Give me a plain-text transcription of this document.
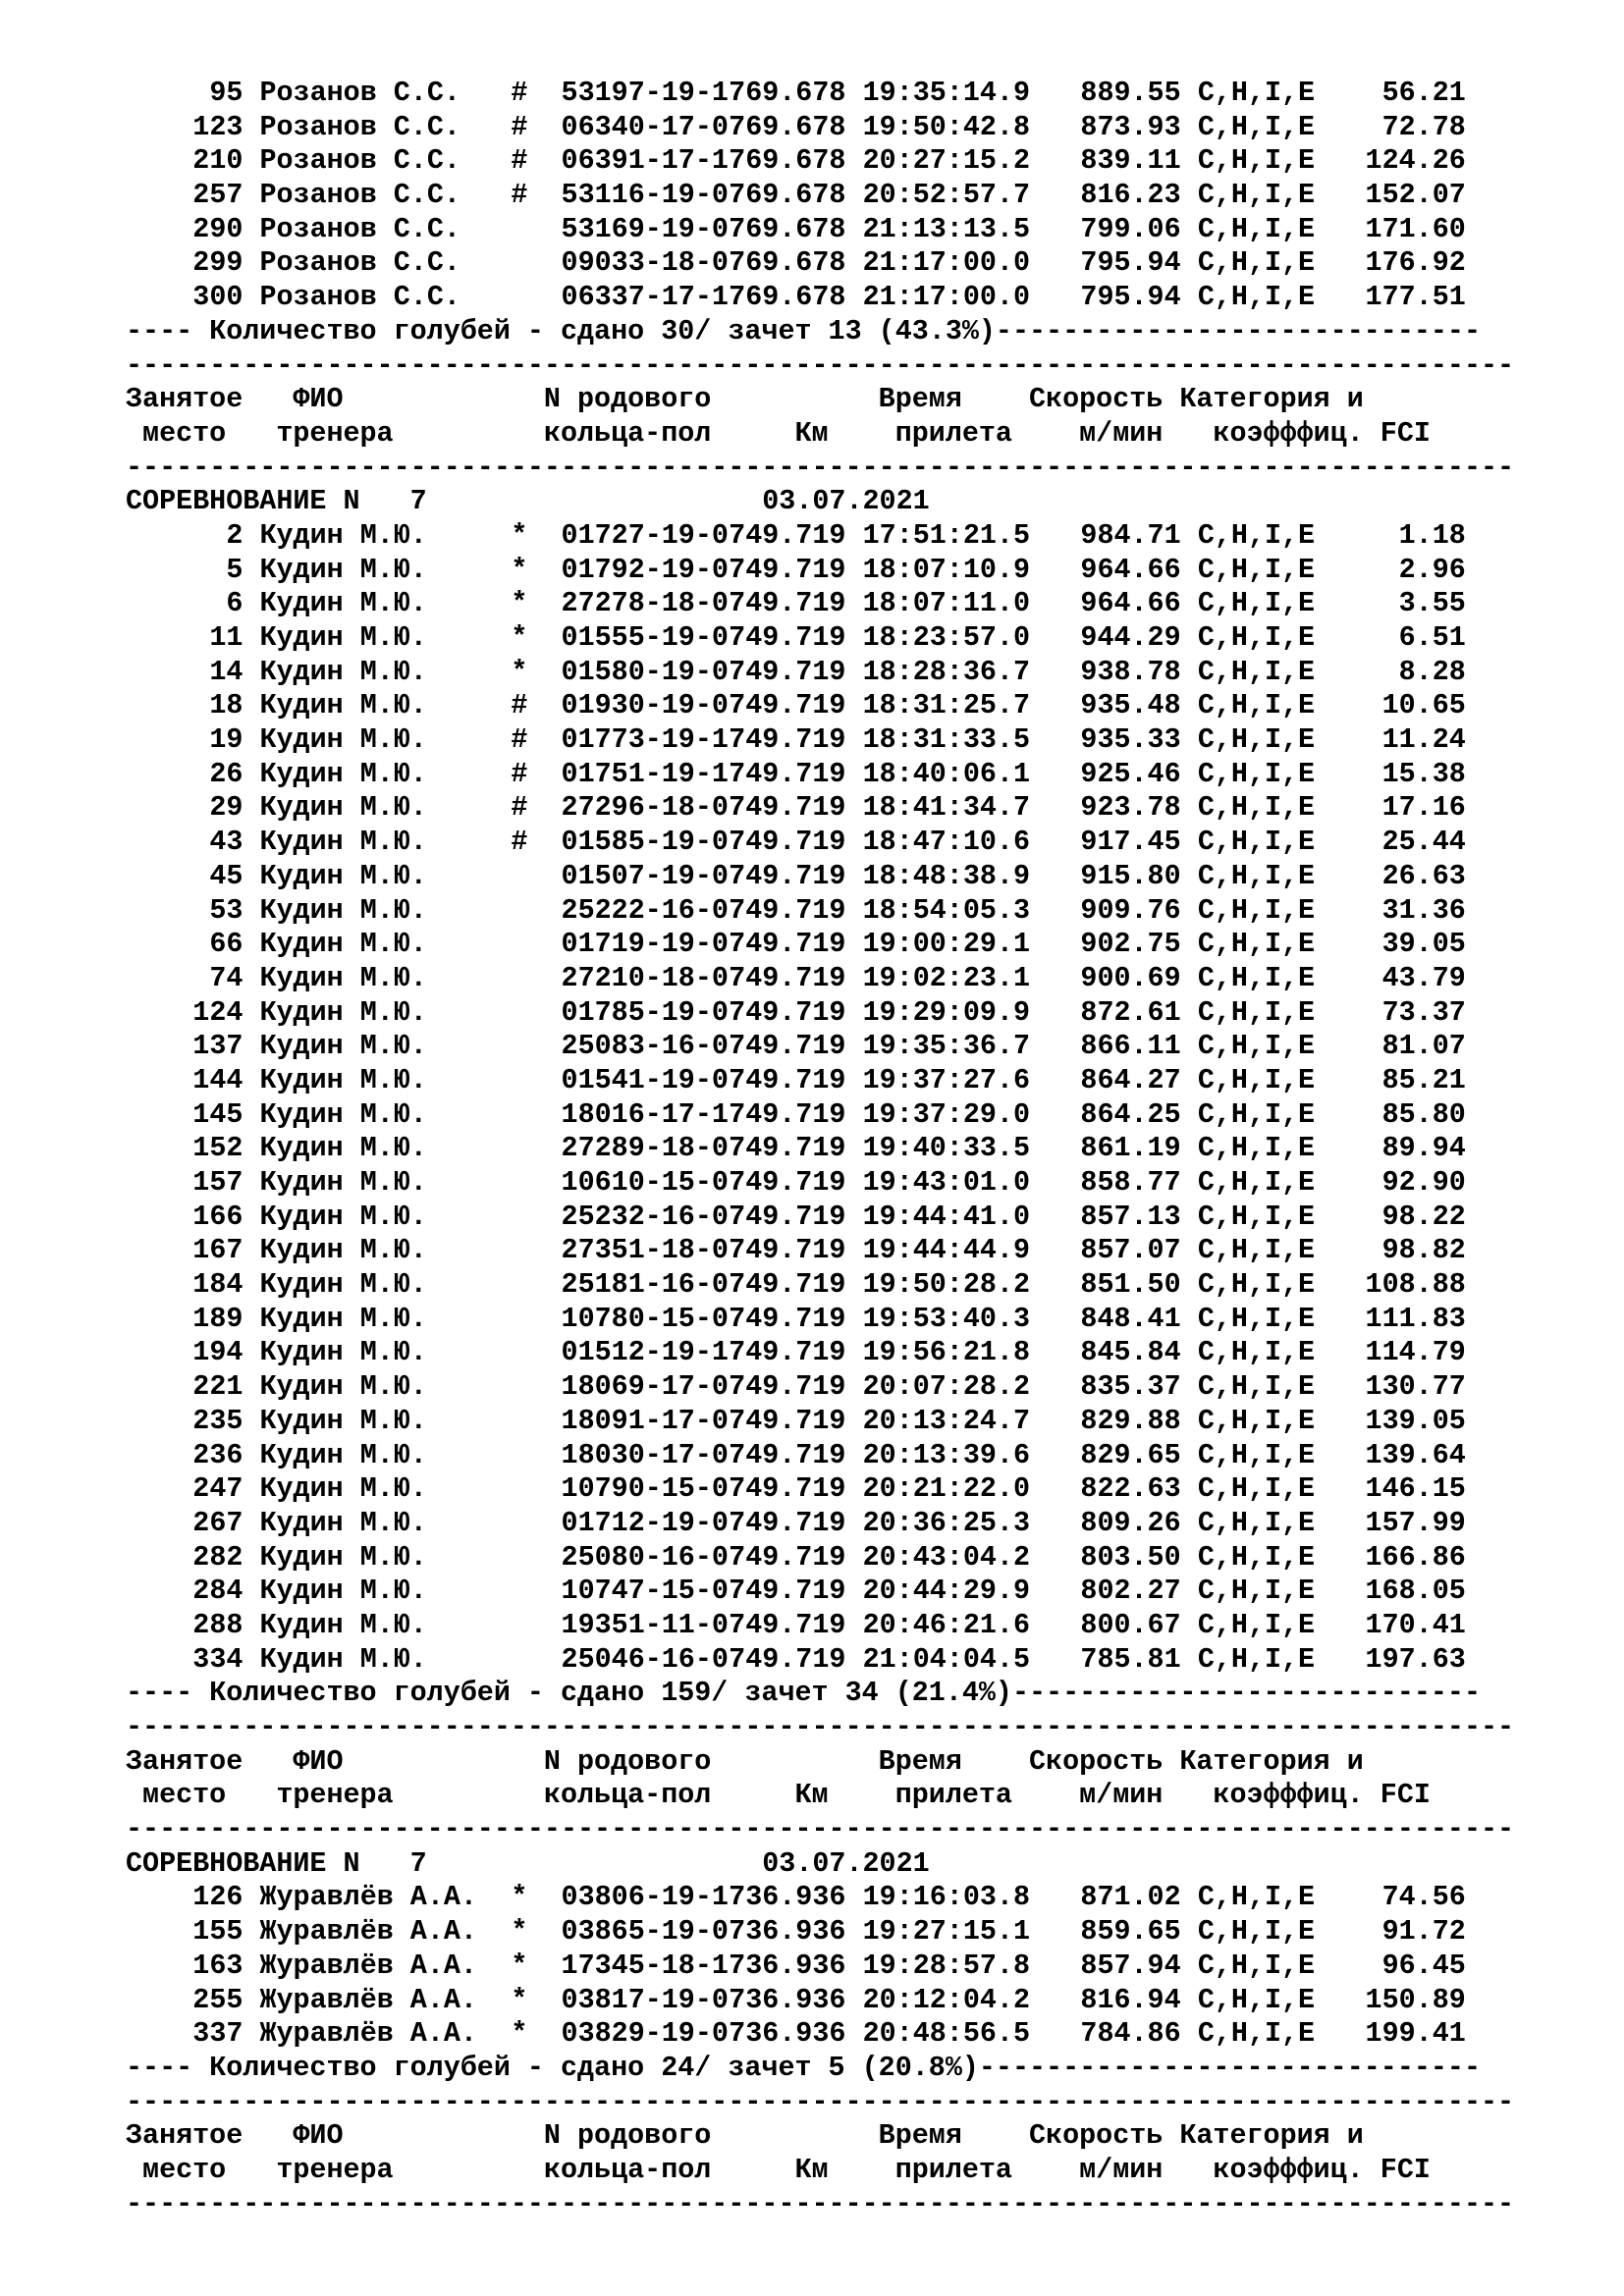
95 Розанов С.С. # 53197-19-1 769.678 19:35:14.9 889.55 C,H,I,E	56.21
123 Розанов С.С. # 06340-17-0 769.678 19:50:42.8 873.93 C,H,I,E	72.78
210 Розанов С.С. # 06391-17-1 769.678 20:27:15.2 839.11 C,H,I,E	124.26
257 Розанов С.С. # 53116-19-0 769.678 20:52:57.7 816.23 C,H,I,E	152.07
290 Розанов С.С.	53169-19-0 769.678 21:13:13.5 799.06 C,H,I,E	171.60
299 Розанов С.С.	09033-18-0 769.678 21:17:00.0 795.94 C,H,I,E	176.92
300 Розанов С.С.	06337-17-1 769.678 21:17:00.0 795.94 C,H,I,E	177.51
---- Количество голубей - сдано 30/ зачет 13 (43.3%)-----------------------------
-----------------------------------------------------------------------------------
Занятое   ФИО            N родового          Время    Скорость Категория и
место   тренера         кольца-пол     Км    прилета    м/мин   коэфффиц. FCI
-----------------------------------------------------------------------------------
СОРЕВНОВАНИЕ N   7	03.07.2021
2 Кудин М.Ю.	* 01727-19-0 749.719 17:51:21.5 984.71 C,H,I,E	1.18
5 Кудин М.Ю.	* 01792-19-0 749.719 18:07:10.9 964.66 C,H,I,E	2.96
6 Кудин М.Ю.	* 27278-18-0 749.719 18:07:11.0 964.66 C,H,I,E	3.55
11 Кудин М.Ю.	* 01555-19-0 749.719 18:23:57.0 944.29 C,H,I,E	6.51
14 Кудин М.Ю.	* 01580-19-0 749.719 18:28:36.7 938.78 C,H,I,E	8.28
18 Кудин М.Ю.	# 01930-19-0 749.719 18:31:25.7 935.48 C,H,I,E	10.65
19 Кудин М.Ю.	# 01773-19-1 749.719 18:31:33.5 935.33 C,H,I,E	11.24
26 Кудин М.Ю.	# 01751-19-1 749.719 18:40:06.1 925.46 C,H,I,E	15.38
29 Кудин М.Ю.	# 27296-18-0 749.719 18:41:34.7 923.78 C,H,I,E	17.16
43 Кудин М.Ю.	# 01585-19-0 749.719 18:47:10.6 917.45 C,H,I,E	25.44
45 Кудин М.Ю.	01507-19-0 749.719 18:48:38.9 915.80 C,H,I,E	26.63
53 Кудин М.Ю.	25222-16-0 749.719 18:54:05.3 909.76 C,H,I,E	31.36
66 Кудин М.Ю.	01719-19-0 749.719 19:00:29.1 902.75 C,H,I,E	39.05
74 Кудин М.Ю.	27210-18-0 749.719 19:02:23.1 900.69 C,H,I,E	43.79
124 Кудин М.Ю.	01785-19-0 749.719 19:29:09.9 872.61 C,H,I,E	73.37
137 Кудин М.Ю.	25083-16-0 749.719 19:35:36.7 866.11 C,H,I,E	81.07
144 Кудин М.Ю.	01541-19-0 749.719 19:37:27.6 864.27 C,H,I,E	85.21
145 Кудин М.Ю.	18016-17-1 749.719 19:37:29.0 864.25 C,H,I,E	85.80
152 Кудин М.Ю.	27289-18-0 749.719 19:40:33.5 861.19 C,H,I,E	89.94
157 Кудин М.Ю.	10610-15-0 749.719 19:43:01.0 858.77 C,H,I,E	92.90
166 Кудин М.Ю.	25232-16-0 749.719 19:44:41.0 857.13 C,H,I,E	98.22
167 Кудин М.Ю.	27351-18-0 749.719 19:44:44.9 857.07 C,H,I,E	98.82
184 Кудин М.Ю.	25181-16-0 749.719 19:50:28.2 851.50 C,H,I,E	108.88
189 Кудин М.Ю.	10780-15-0 749.719 19:53:40.3 848.41 C,H,I,E	111.83
194 Кудин М.Ю.	01512-19-1 749.719 19:56:21.8 845.84 C,H,I,E	114.79
221 Кудин М.Ю.	18069-17-0 749.719 20:07:28.2 835.37 C,H,I,E	130.77
235 Кудин М.Ю.	18091-17-0 749.719 20:13:24.7 829.88 C,H,I,E	139.05
236 Кудин М.Ю.	18030-17-0 749.719 20:13:39.6 829.65 C,H,I,E	139.64
247 Кудин М.Ю.	10790-15-0 749.719 20:21:22.0 822.63 C,H,I,E	146.15
267 Кудин М.Ю.	01712-19-0 749.719 20:36:25.3 809.26 C,H,I,E	157.99
282 Кудин М.Ю.	25080-16-0 749.719 20:43:04.2 803.50 C,H,I,E	166.86
284 Кудин М.Ю.	10747-15-0 749.719 20:44:29.9 802.27 C,H,I,E	168.05
288 Кудин М.Ю.	19351-11-0 749.719 20:46:21.6 800.67 C,H,I,E	170.41
334 Кудин М.Ю.	25046-16-0 749.719 21:04:04.5 785.81 C,H,I,E	197.63
---- Количество голубей - сдано 159/ зачет 34 (21.4%)----------------------------
-----------------------------------------------------------------------------------
Занятое   ФИО            N родового          Время    Скорость Категория и
место   тренера         кольца-пол     Км    прилета    м/мин   коэфффиц. FCI
-----------------------------------------------------------------------------------
СОРЕВНОВАНИЕ N   7	03.07.2021
126 Журавлёв А.А. * 03806-19-1 736.936 19:16:03.8 871.02 C,H,I,E	74.56
155 Журавлёв А.А. * 03865-19-0 736.936 19:27:15.1 859.65 C,H,I,E	91.72
163 Журавлёв А.А. * 17345-18-1 736.936 19:28:57.8 857.94 C,H,I,E	96.45
255 Журавлёв А.А. * 03817-19-0 736.936 20:12:04.2 816.94 C,H,I,E	150.89
337 Журавлёв А.А. * 03829-19-0 736.936 20:48:56.5 784.86 C,H,I,E	199.41
---- Количество голубей - сдано 24/ зачет 5 (20.8%)------------------------------
-----------------------------------------------------------------------------------
Занятое   ФИО            N родового          Время    Скорость Категория и
место   тренера         кольца-пол     Км    прилета    м/мин   коэфффиц. FCI
-----------------------------------------------------------------------------------
